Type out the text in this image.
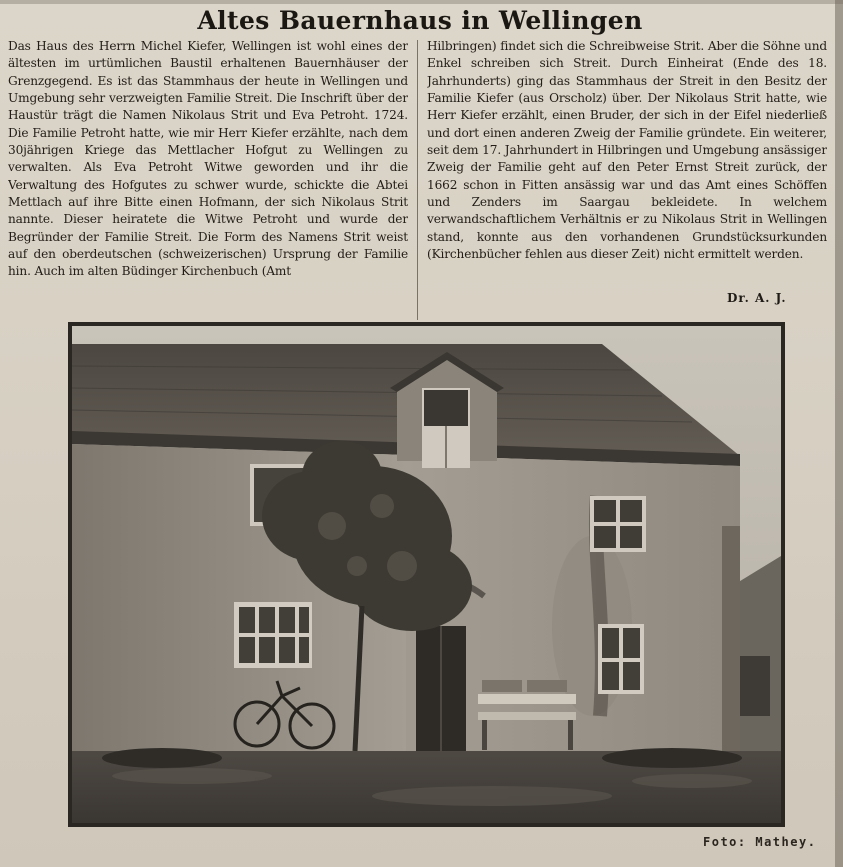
Altes Bauernhaus in Wellingen

Das Haus des Herrn Michel Kiefer, Wellingen ist wohl eines der ältesten im urtümlichen Baustil erhaltenen Bauernhäuser der Grenzgegend. Es ist das Stammhaus der heute in Wellingen und Umgebung sehr verzweigten Familie Streit. Die Inschrift über der Haustür trägt die Namen Nikolaus Strit und Eva Petroht. 1724. Die Familie Petroht hatte, wie mir Herr Kiefer erzählte, nach dem 30jährigen Kriege das Mettlacher Hofgut zu Wellingen zu verwalten. Als Eva Petroht Witwe geworden und ihr die Verwaltung des Hofgutes zu schwer wurde, schickte die Abtei Mettlach auf ihre Bitte einen Hofmann, der sich Nikolaus Strit nannte. Dieser heiratete die Witwe Petroht und wurde der Begründer der Familie Streit. Die Form des Namens Strit weist auf den oberdeutschen (schweizerischen) Ursprung der Familie hin. Auch im alten Büdinger Kirchenbuch (Amt

Hilbringen) findet sich die Schreibweise Strit. Aber die Söhne und Enkel schreiben sich Streit. Durch Einheirat (Ende des 18. Jahrhunderts) ging das Stammhaus der Streit in den Besitz der Familie Kiefer (aus Orscholz) über. Der Nikolaus Strit hatte, wie Herr Kiefer erzählt, einen Bruder, der sich in der Eifel niederließ und dort einen anderen Zweig der Familie gründete. Ein weiterer, seit dem 17. Jahrhundert in Hilbringen und Umgebung ansässiger Zweig der Familie geht auf den Peter Ernst Streit zurück, der 1662 schon in Fitten ansässig war und das Amt eines Schöffen und Zenders im Saargau bekleidete. In welchem verwandschaftlichem Verhältnis er zu Nikolaus Strit in Wellingen stand, konnte aus den vorhandenen Grundstücksurkunden (Kirchenbücher fehlen aus dieser Zeit) nicht ermittelt werden.

Dr. A. J.
Foto: Mathey.
